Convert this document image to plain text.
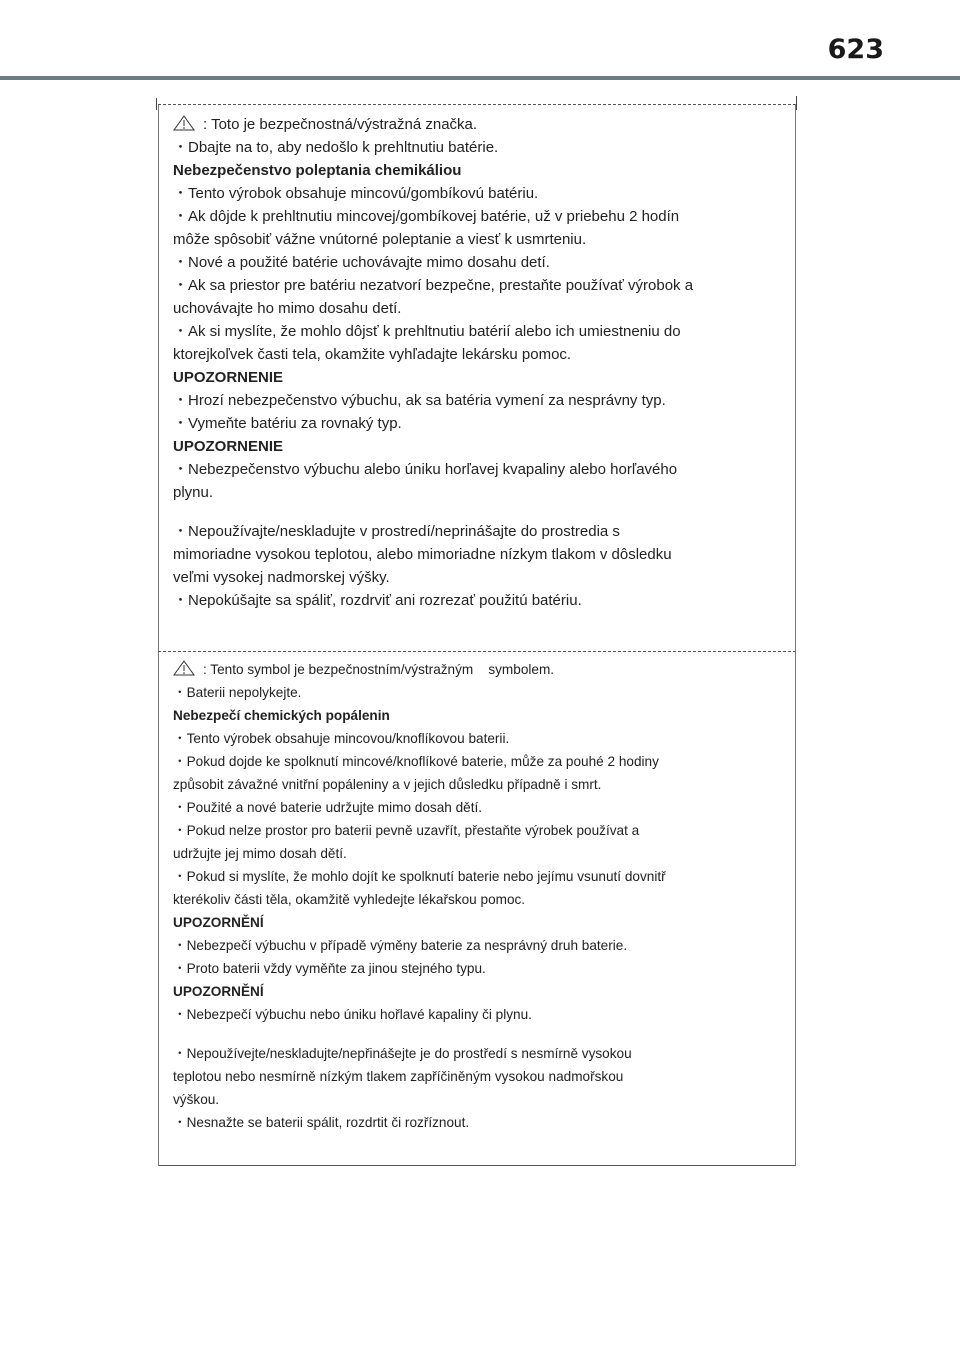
623
: Toto je bezpečnostná/výstražná značka.
・Dbajte na to, aby nedošlo k prehltnutiu batérie.
Nebezpečenstvo poleptania chemikáliou
・Tento výrobok obsahuje mincovú/gombíkovú batériu.
・Ak dôjde k prehltnutiu mincovej/gombíkovej batérie, už v priebehu 2 hodín
môže spôsobiť vážne vnútorné poleptanie a viesť k usmrteniu.
・Nové a použité batérie uchovávajte mimo dosahu detí.
・Ak sa priestor pre batériu nezatvorí bezpečne, prestaňte používať výrobok a
uchovávajte ho mimo dosahu detí.
・Ak si myslíte, že mohlo dôjsť k prehltnutiu batérií alebo ich umiestneniu do
ktorejkoľvek časti tela, okamžite vyhľadajte lekársku pomoc.
UPOZORNENIE
・Hrozí nebezpečenstvo výbuchu, ak sa batéria vymení za nesprávny typ.
・Vymeňte batériu za rovnaký typ.
UPOZORNENIE
・Nebezpečenstvo výbuchu alebo úniku horľavej kvapaliny alebo horľavého
plynu.
・Nepoužívajte/neskladujte v prostredí/neprinášajte do prostredia s
mimoriadne vysokou teplotou, alebo mimoriadne nízkym tlakom v dôsledku
veľmi vysokej nadmorskej výšky.
・Nepokúšajte sa spáliť, rozdrviť ani rozrezať použitú batériu.
: Tento symbol je bezpečnostním/výstražným    symbolem.
・Baterii nepolykejte.
Nebezpečí chemických popálenin
・Tento výrobek obsahuje mincovou/knoflíkovou baterii.
・Pokud dojde ke spolknutí mincové/knoflíkové baterie, může za pouhé 2 hodiny
způsobit závažné vnitřní popáleniny a v jejich důsledku případně i smrt.
・Použité a nové baterie udržujte mimo dosah dětí.
・Pokud nelze prostor pro baterii pevně uzavřít, přestaňte výrobek používat a
udržujte jej mimo dosah dětí.
・Pokud si myslíte, že mohlo dojít ke spolknutí baterie nebo jejímu vsunutí dovnitř
kterékoliv části těla, okamžitě vyhledejte lékařskou pomoc.
UPOZORNĚNÍ
・Nebezpečí výbuchu v případě výměny baterie za nesprávný druh baterie.
・Proto baterii vždy vyměňte za jinou stejného typu.
UPOZORNĚNÍ
・Nebezpečí výbuchu nebo úniku hořlavé kapaliny či plynu.
・Nepoužívejte/neskladujte/nepřinášejte je do prostředí s nesmírně vysokou
teplotou nebo nesmírně nízkým tlakem zapříčiněným vysokou nadmořskou
výškou.
・Nesnažte se baterii spálit, rozdrtit či rozříznout.
